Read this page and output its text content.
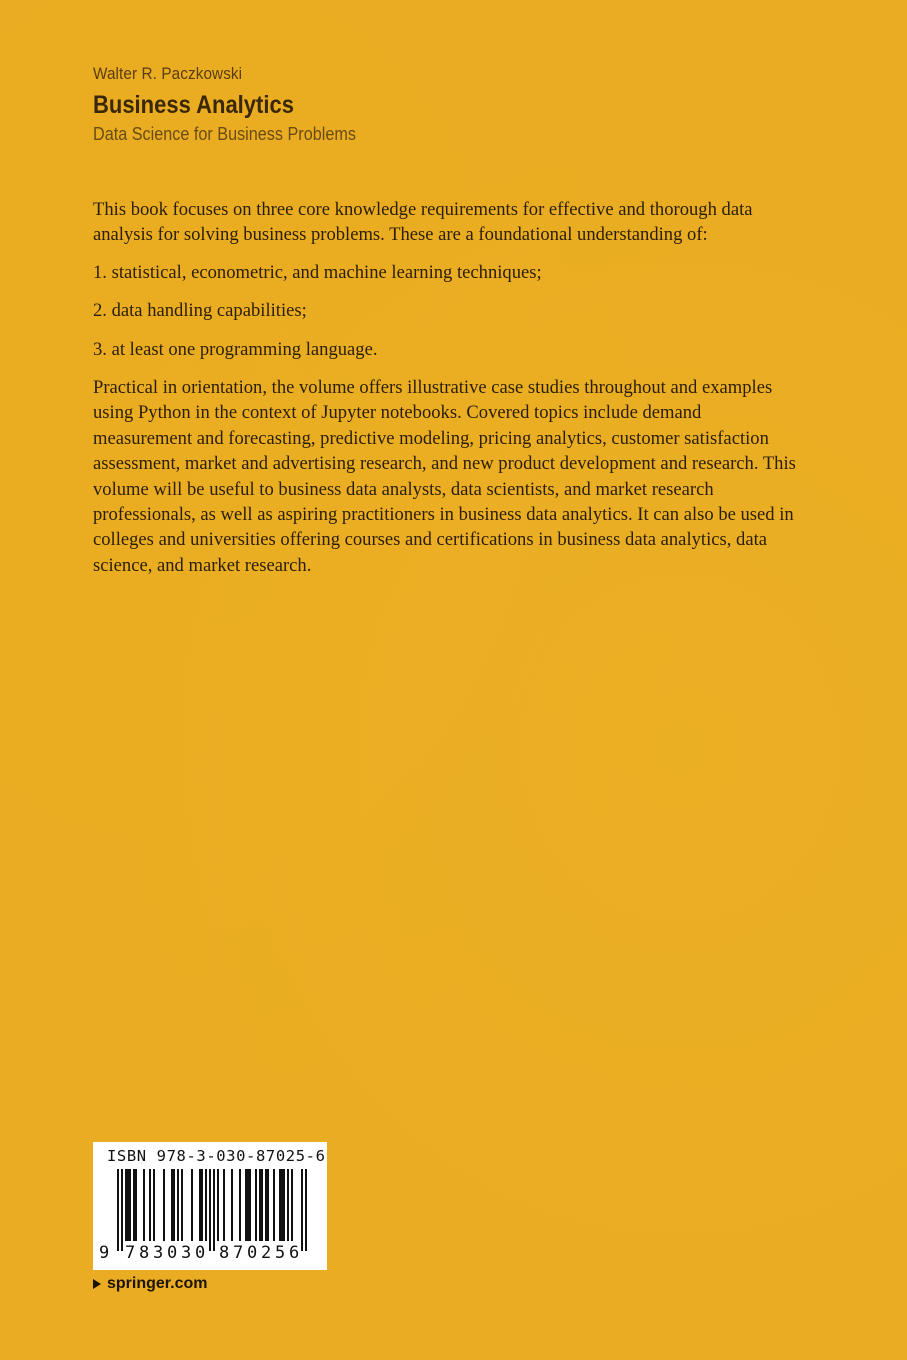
Walter R. Paczkowski
Business Analytics
Data Science for Business Problems

This book focuses on three core knowledge requirements for effective and thorough data analysis for solving business problems. These are a foundational understanding of:

1. statistical, econometric, and machine learning techniques;

2. data handling capabilities;

3. at least one programming language.

Practical in orientation, the volume offers illustrative case studies throughout and examples using Python in the context of Jupyter notebooks. Covered topics include demand measurement and forecasting, predictive modeling, pricing analytics, customer satisfaction assessment, market and advertising research, and new product development and research. This volume will be useful to business data analysts, data scientists, and market research professionals, as well as aspiring practitioners in business data analytics. It can also be used in colleges and universities offering courses and certifications in business data analytics, data science, and market research.

ISBN 978-3-030-87025-6
9 7 8 3 0 3 0 8 7 0 2 5 6
springer.com
